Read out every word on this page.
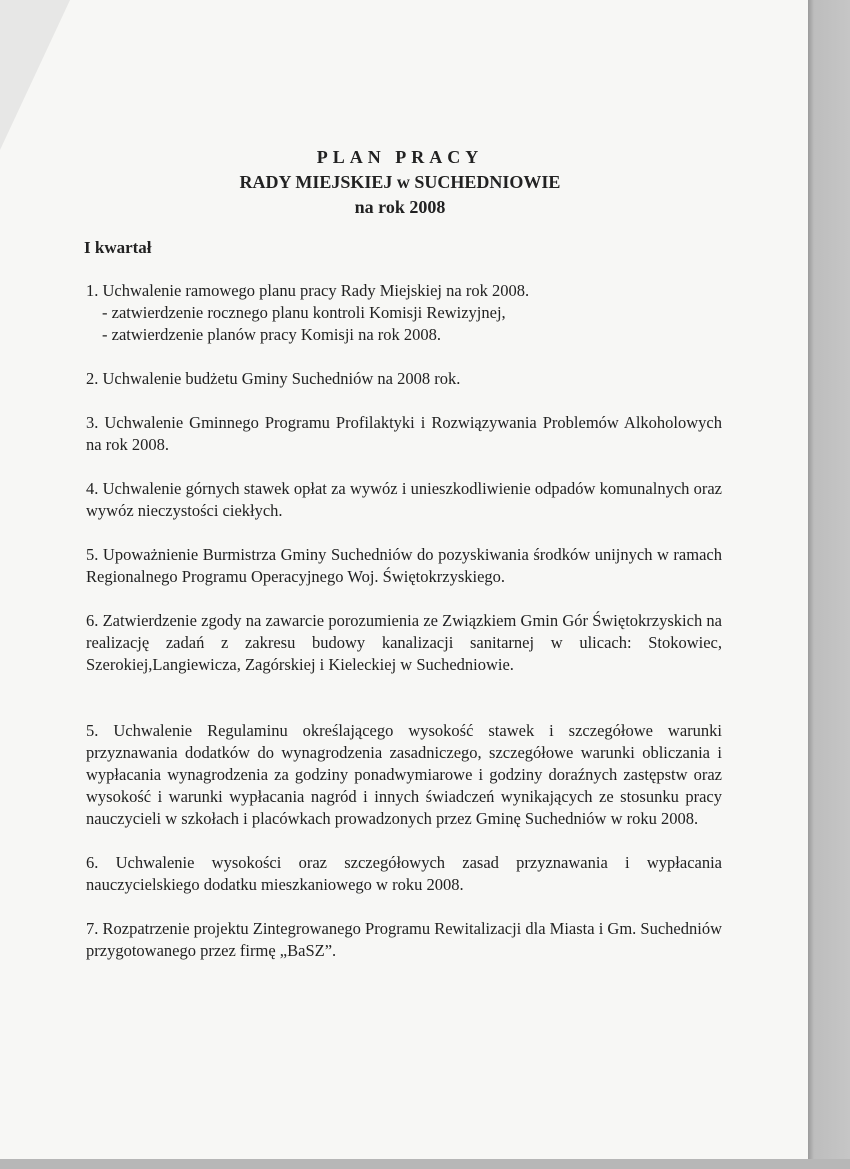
PLAN PRACY
RADY MIEJSKIEJ w SUCHEDNIOWIE
na rok 2008
I kwartał
1. Uchwalenie ramowego planu pracy Rady Miejskiej na rok 2008.
- zatwierdzenie rocznego planu kontroli Komisji Rewizyjnej,
- zatwierdzenie planów pracy Komisji na rok 2008.
2. Uchwalenie budżetu Gminy Suchedniów na 2008 rok.
3. Uchwalenie Gminnego Programu Profilaktyki i Rozwiązywania Problemów Alkoholowych na rok 2008.
4. Uchwalenie górnych stawek opłat za wywóz i unieszkodliwienie odpadów komunalnych oraz wywóz nieczystości ciekłych.
5. Upoważnienie Burmistrza Gminy Suchedniów do pozyskiwania środków unijnych w ramach Regionalnego Programu Operacyjnego Woj. Świętokrzyskiego.
6. Zatwierdzenie zgody na zawarcie porozumienia ze Związkiem Gmin Gór Świętokrzyskich na realizację zadań z zakresu budowy kanalizacji sanitarnej w ulicach: Stokowiec, Szerokiej,Langiewicza, Zagórskiej i Kieleckiej w Suchedniowie.
5. Uchwalenie Regulaminu określającego wysokość stawek i szczegółowe warunki przyznawania dodatków do wynagrodzenia zasadniczego, szczegółowe warunki obliczania i wypłacania wynagrodzenia za godziny ponadwymiarowe i godziny doraźnych zastępstw oraz wysokość i warunki wypłacania nagród i innych świadczeń wynikających ze stosunku pracy nauczycieli w szkołach i placówkach prowadzonych przez Gminę Suchedniów w roku 2008.
6. Uchwalenie wysokości oraz szczegółowych zasad przyznawania i wypłacania nauczycielskiego dodatku mieszkaniowego w roku 2008.
7. Rozpatrzenie projektu Zintegrowanego Programu Rewitalizacji dla Miasta i Gm. Suchedniów przygotowanego przez firmę „BaSZ”.
